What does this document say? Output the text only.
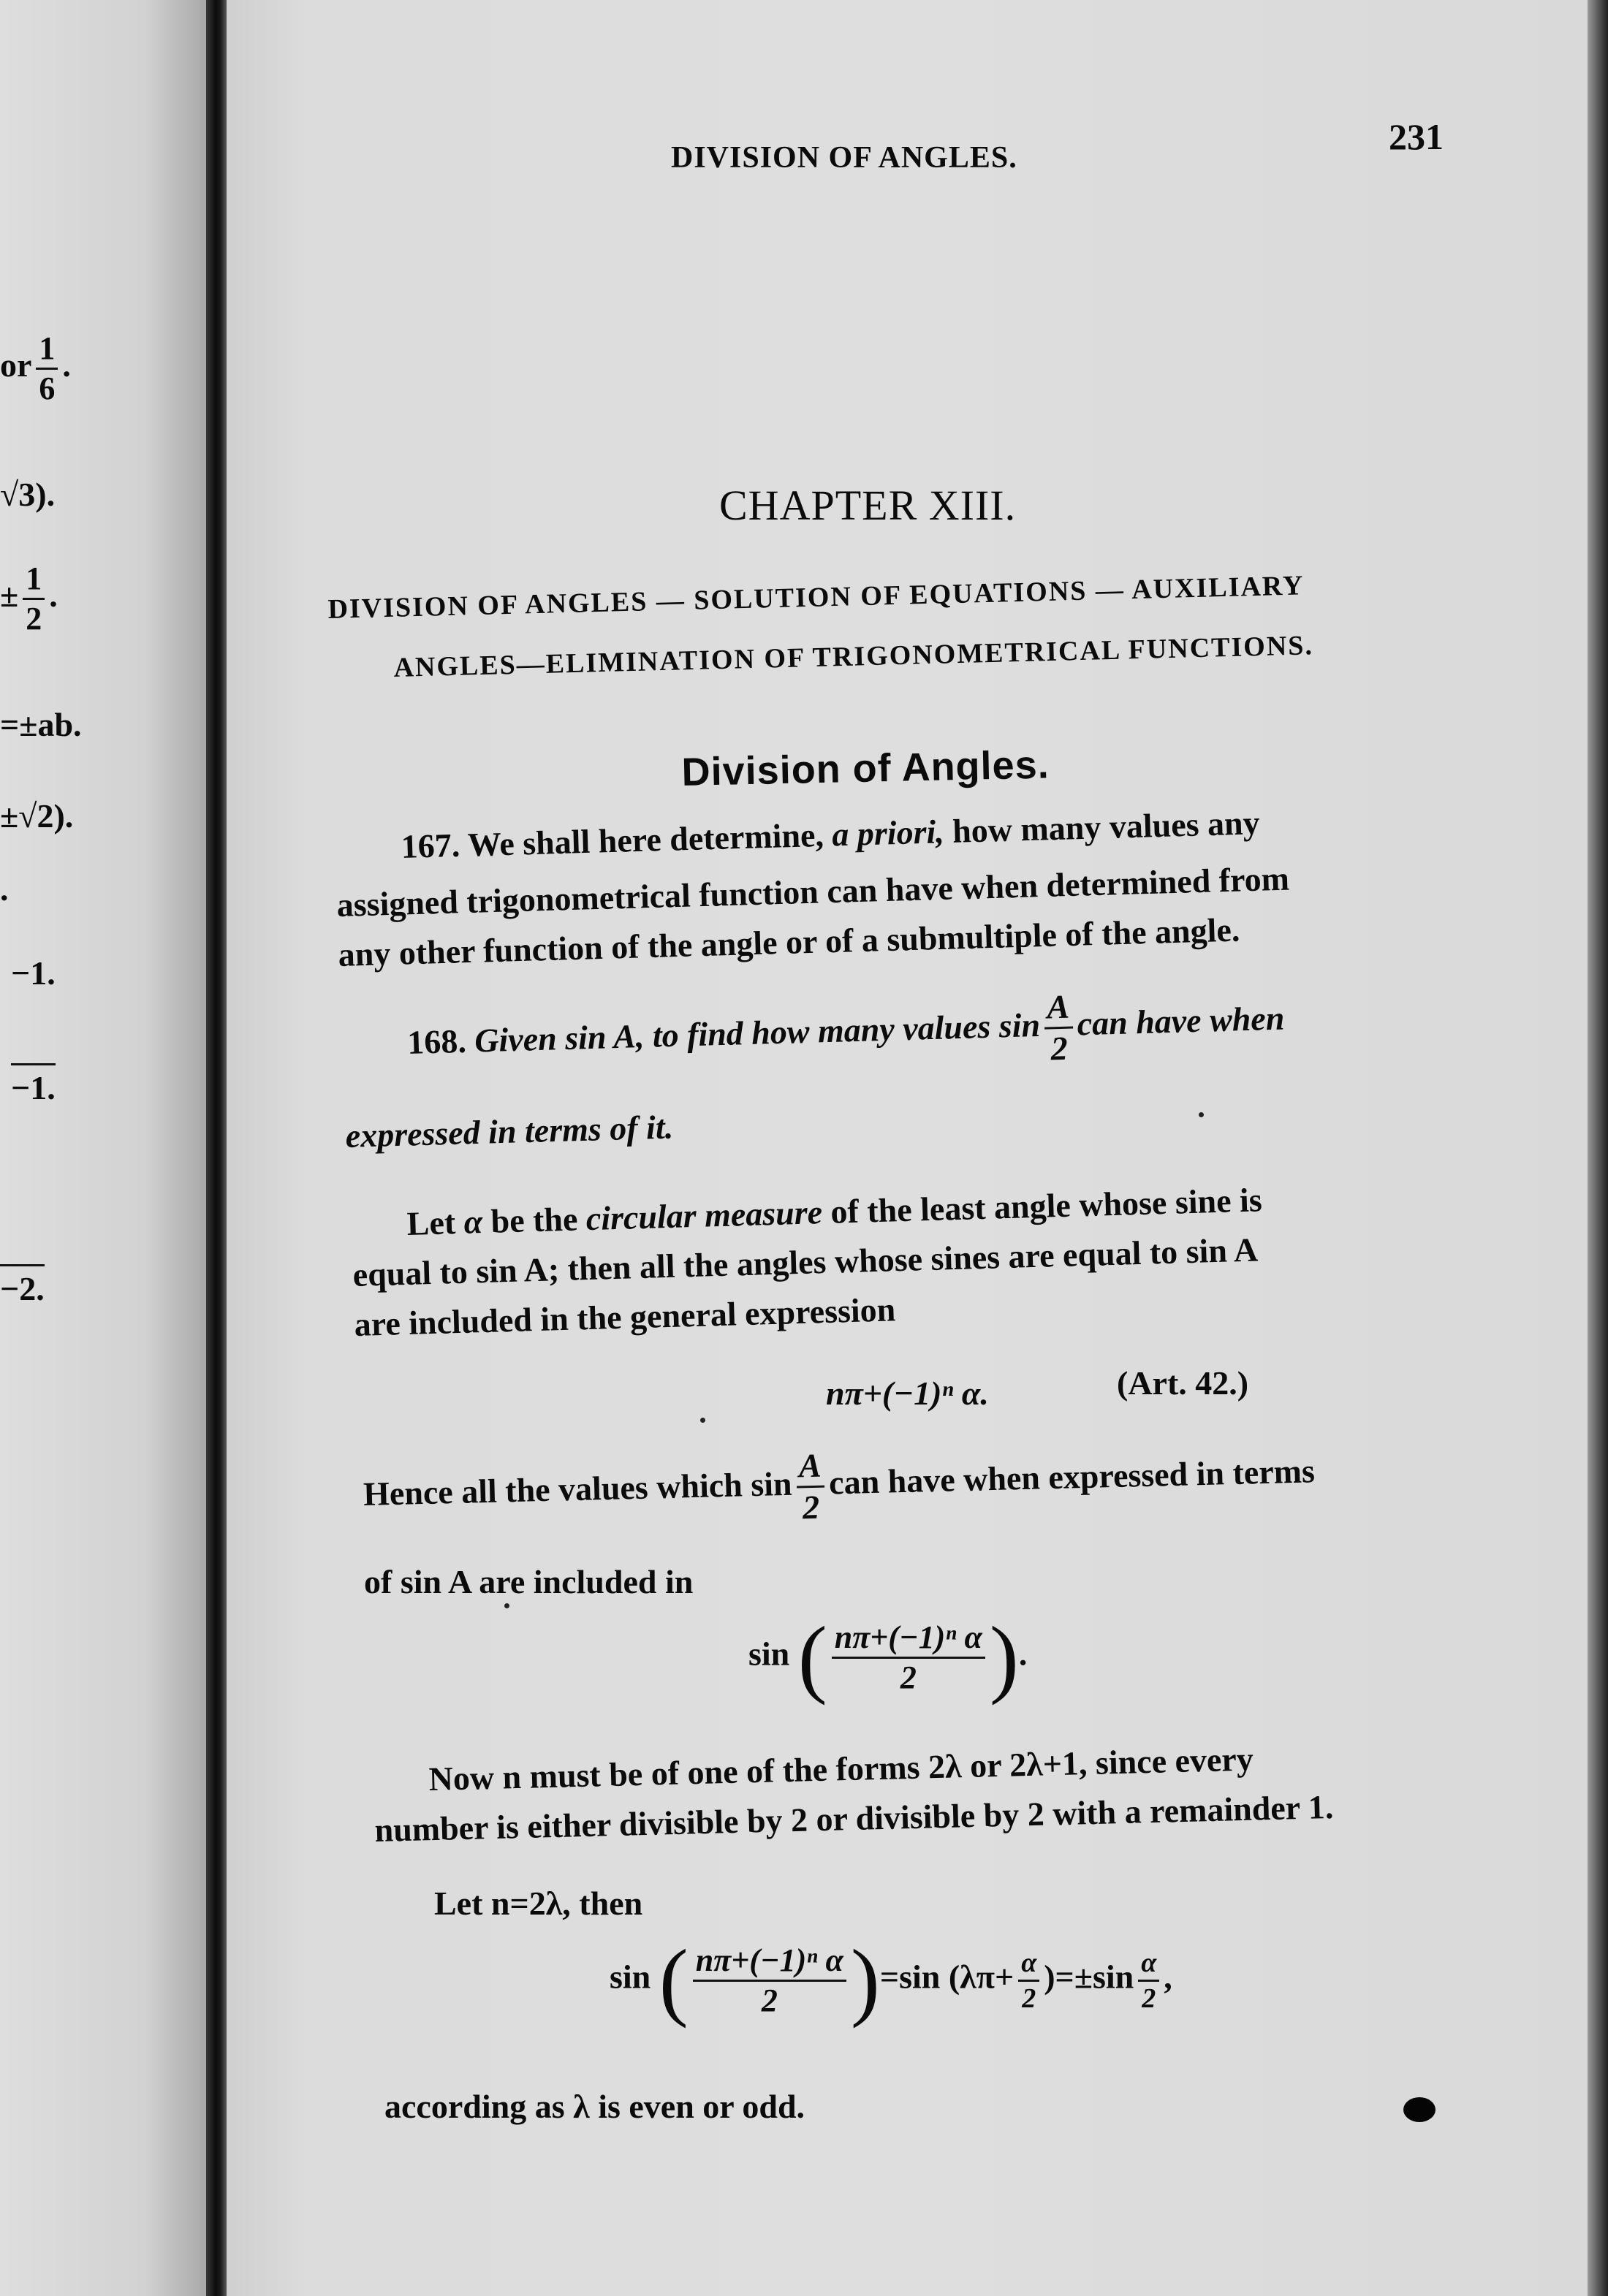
or $\frac{1}{6}$ .
√3).
± $\frac{1}{2}$ .
=±ab.
±√2).
.
−1.
−1.
−2.
DIVISION OF ANGLES.
231
CHAPTER XIII.
DIVISION OF ANGLES — SOLUTION OF EQUATIONS — AUXILIARY
ANGLES—ELIMINATION OF TRIGONOMETRICAL FUNCTIONS.
Division of Angles.
167. We shall here determine, a priori, how many values any
assigned trigonometrical function can have when determined from
any other function of the angle or of a submultiple of the angle.
168. Given sin A, to find how many values $\sin \frac{A}{2}$ can have when
expressed in terms of it.
Let α be the circular measure of the least angle whose sine is
equal to sin A; then all the angles whose sines are equal to sin A
are included in the general expression
nπ+(−1)ⁿ α.	(Art. 42.)
Hence all the values which $\sin \frac{A}{2}$ can have when expressed in terms
of sin A are included in
sin ( $\frac{\text{nπ+(−1)ⁿ α}}{2}$ ).
Now n must be of one of the forms 2λ or 2λ+1, since every
number is either divisible by 2 or divisible by 2 with a remainder 1.
Let n=2λ, then
sin ( $\frac{\text{nπ+(−1)ⁿ α}}{2} )=\sin$ $(\lambda\pi+ \frac{\alpha}{2} )=\pm\sin \frac{\alpha}{2}$ ,
according as λ is even or odd.
